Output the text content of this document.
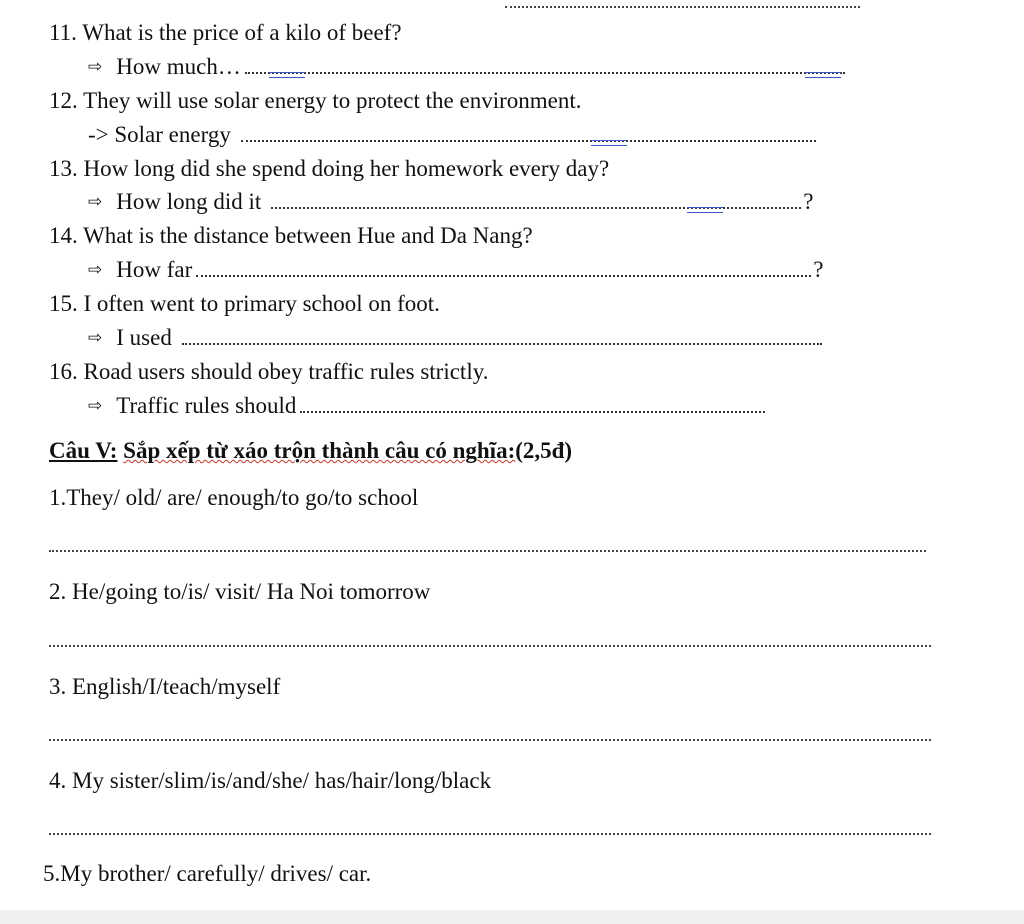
11. What is the price of a kilo of beef?
⇨ How much…
12. They will use solar energy to protect the environment.
-> Solar energy
13. How long did she spend doing her homework every day?
⇨ How long did it	?
14. What is the distance between Hue and Da Nang?
⇨ How far	?
15. I often went to primary school on foot.
⇨ I used
16. Road users should obey traffic rules strictly.
⇨ Traffic rules should
Câu V: Sắp xếp từ xáo trộn thành câu có nghĩa:(2,5đ)
1.They/ old/ are/ enough/to go/to school
2. He/going to/is/ visit/ Ha Noi tomorrow
3. English/I/teach/myself
4. My sister/slim/is/and/she/ has/hair/long/black
5.My brother/ carefully/ drives/ car.
